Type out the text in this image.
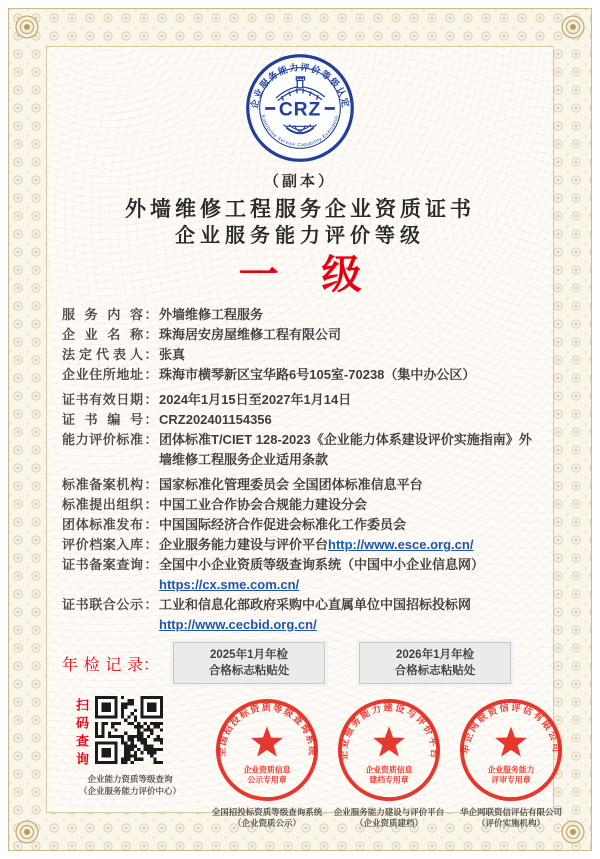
企业服务能力评价等级认定
Enterprise Service Capability Evaluation
CRZ
（副本）
外墙维修工程服务企业资质证书
企业服务能力评价等级
一 级
服务内容 ： 外墙维修工程服务
企业名称 ： 珠海居安房屋维修工程有限公司
法定代表人 ： 张真
企业住所地址 ： 珠海市横琴新区宝华路6号105室-70238（集中办公区）
证书有效日期 ： 2024年1月15日至2027年1月14日
证书编号 ： CRZ202401154356
能力评价标准 ： 团体标准T/CIET 128-2023《企业能力体系建设评价实施指南》外墙维修工程服务企业适用条款
标准备案机构 ： 国家标准化管理委员会 全国团体标准信息平台
标准提出组织 ： 中国工业合作协会合规能力建设分会
团体标准发布 ： 中国国际经济合作促进会标准化工作委员会
评价档案入库 ： 企业服务能力建设与评价平台http://www.esce.org.cn/
证书备案查询 ： 全国中小企业资质等级查询系统（中国中小企业信息网）
https://cx.sme.com.cn/
证书联合公示 ： 工业和信息化部政府采购中心直属单位中国招标投标网
http://www.cecbid.org.cn/
年检记录 ：
2025年1月年检
合格标志粘贴处
2026年1月年检
合格标志粘贴处
扫码查询
企业能力资质等级查询
（企业服务能力评价中心）
全国招投标资质等级查询系统
企业资质信息
公示专用章
全国招投标资质等级查询系统
（企业资质公示）
企业服务能力建设与评价平台
企业资质信息
建档专用章
企业服务能力建设与评价平台
（企业资质建档）
华企网联资信评估有限公司
企业服务能力
评审专用章
华企网联资信评估有限公司
（评价实施机构）
